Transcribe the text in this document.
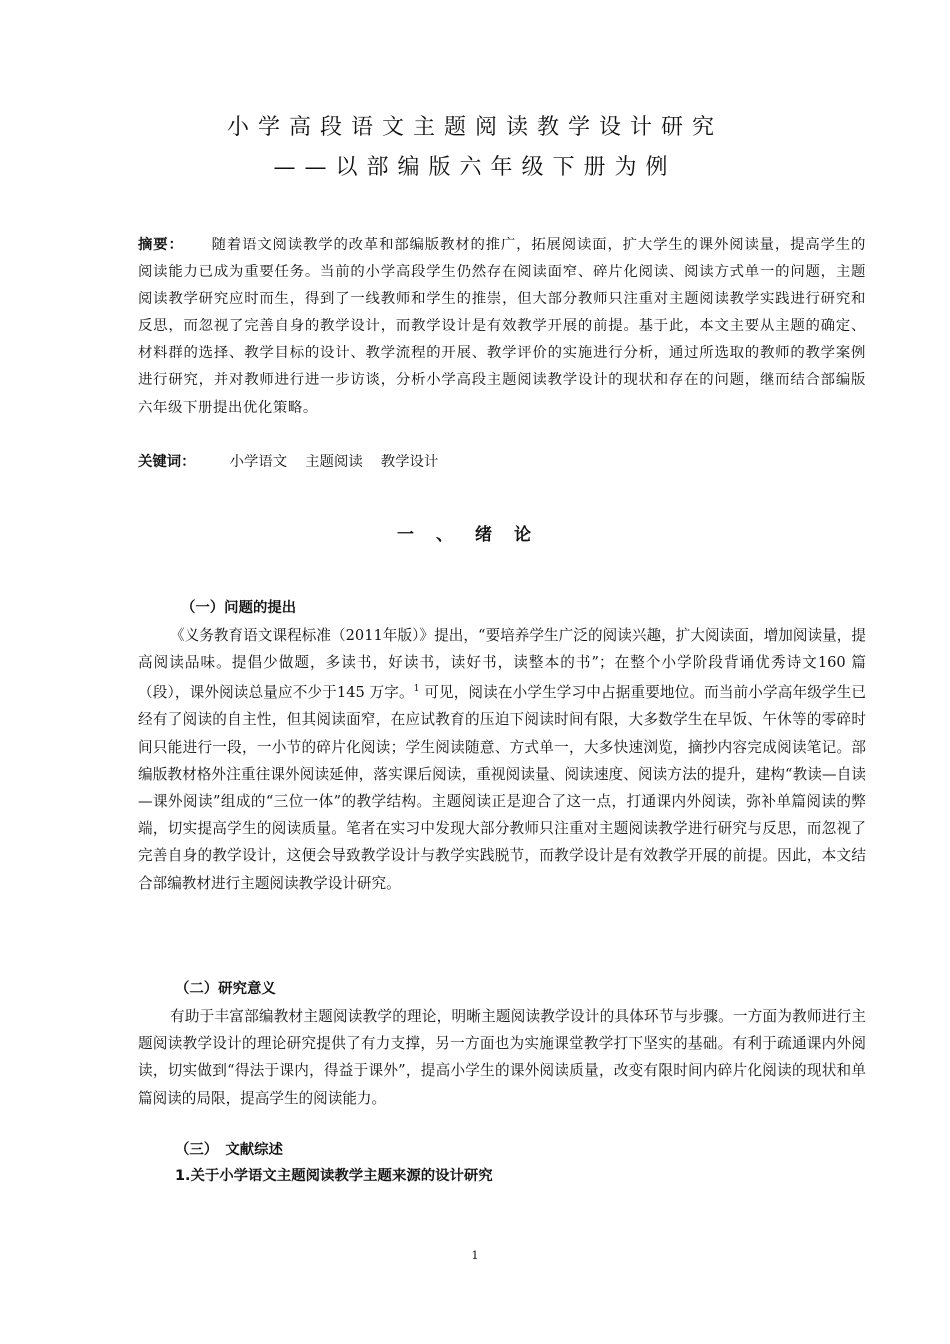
小学高段语文主题阅读教学设计研究
——以部编版六年级下册为例
摘要： 随着语文阅读教学的改革和部编版教材的推广，拓展阅读面，扩大学生的课外阅读量，提高学生的阅读能力已成为重要任务。当前的小学高段学生仍然存在阅读面窄、碎片化阅读、阅读方式单一的问题，主题阅读教学研究应时而生，得到了一线教师和学生的推崇，但大部分教师只注重对主题阅读教学实践进行研究和反思，而忽视了完善自身的教学设计，而教学设计是有效教学开展的前提。基于此，本文主要从主题的确定、材料群的选择、教学目标的设计、教学流程的开展、教学评价的实施进行分析，通过所选取的教师的教学案例进行研究，并对教师进行进一步访谈，分析小学高段主题阅读教学设计的现状和存在的问题，继而结合部编版六年级下册提出优化策略。
关键词： 小学语文 主题阅读 教学设计
一、绪论
（一）问题的提出
《义务教育语文课程标准（2011年版）》提出，“要培养学生广泛的阅读兴趣，扩大阅读面，增加阅读量，提高阅读品味。提倡少做题，多读书，好读书，读好书，读整本的书”；在整个小学阶段背诵优秀诗文160 篇（段），课外阅读总量应不少于145 万字。$^1$ 可见，阅读在小学生学习中占据重要地位。而当前小学高年级学生已经有了阅读的自主性，但其阅读面窄，在应试教育的压迫下阅读时间有限，大多数学生在早饭、午休等的零碎时间只能进行一段，一小节的碎片化阅读；学生阅读随意、方式单一，大多快速浏览，摘抄内容完成阅读笔记。部编版教材格外注重往课外阅读延伸，落实课后阅读，重视阅读量、阅读速度、阅读方法的提升，建构“教读—自读—课外阅读”组成的“三位一体”的教学结构。主题阅读正是迎合了这一点，打通课内外阅读，弥补单篇阅读的弊端，切实提高学生的阅读质量。笔者在实习中发现大部分教师只注重对主题阅读教学进行研究与反思，而忽视了完善自身的教学设计，这便会导致教学设计与教学实践脱节，而教学设计是有效教学开展的前提。因此，本文结合部编教材进行主题阅读教学设计研究。
（二）研究意义
有助于丰富部编教材主题阅读教学的理论，明晰主题阅读教学设计的具体环节与步骤。一方面为教师进行主题阅读教学设计的理论研究提供了有力支撑，另一方面也为实施课堂教学打下坚实的基础。有利于疏通课内外阅读，切实做到“得法于课内，得益于课外”，提高小学生的课外阅读质量，改变有限时间内碎片化阅读的现状和单篇阅读的局限，提高学生的阅读能力。
（三）　文献综述
1.关于小学语文主题阅读教学主题来源的设计研究
1
